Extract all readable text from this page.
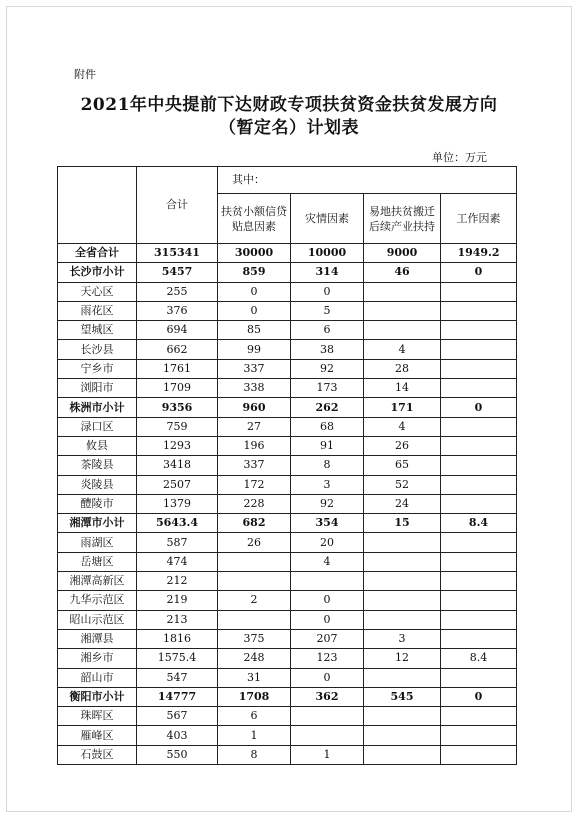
附件
2021年中央提前下达财政专项扶贫资金扶贫发展方向
（暂定名）计划表
单位：万元
	合计	其中：			
		扶贫小额信贷贴息因素	灾情因素	易地扶贫搬迁后续产业扶持	工作因素
全省合计	315341	30000	10000	9000	1949.2
长沙市小计	5457	859	314	46	0
天心区	255	0	0		
雨花区	376	0	5		
望城区	694	85	6		
长沙县	662	99	38	4	
宁乡市	1761	337	92	28	
浏阳市	1709	338	173	14	
株洲市小计	9356	960	262	171	0
渌口区	759	27	68	4	
攸县	1293	196	91	26	
茶陵县	3418	337	8	65	
炎陵县	2507	172	3	52	
醴陵市	1379	228	92	24	
湘潭市小计	5643.4	682	354	15	8.4
雨湖区	587	26	20		
岳塘区	474		4		
湘潭高新区	212				
九华示范区	219	2	0		
昭山示范区	213		0		
湘潭县	1816	375	207	3	
湘乡市	1575.4	248	123	12	8.4
韶山市	547	31	0		
衡阳市小计	14777	1708	362	545	0
珠晖区	567	6			
雁峰区	403	1			
石鼓区	550	8	1		
